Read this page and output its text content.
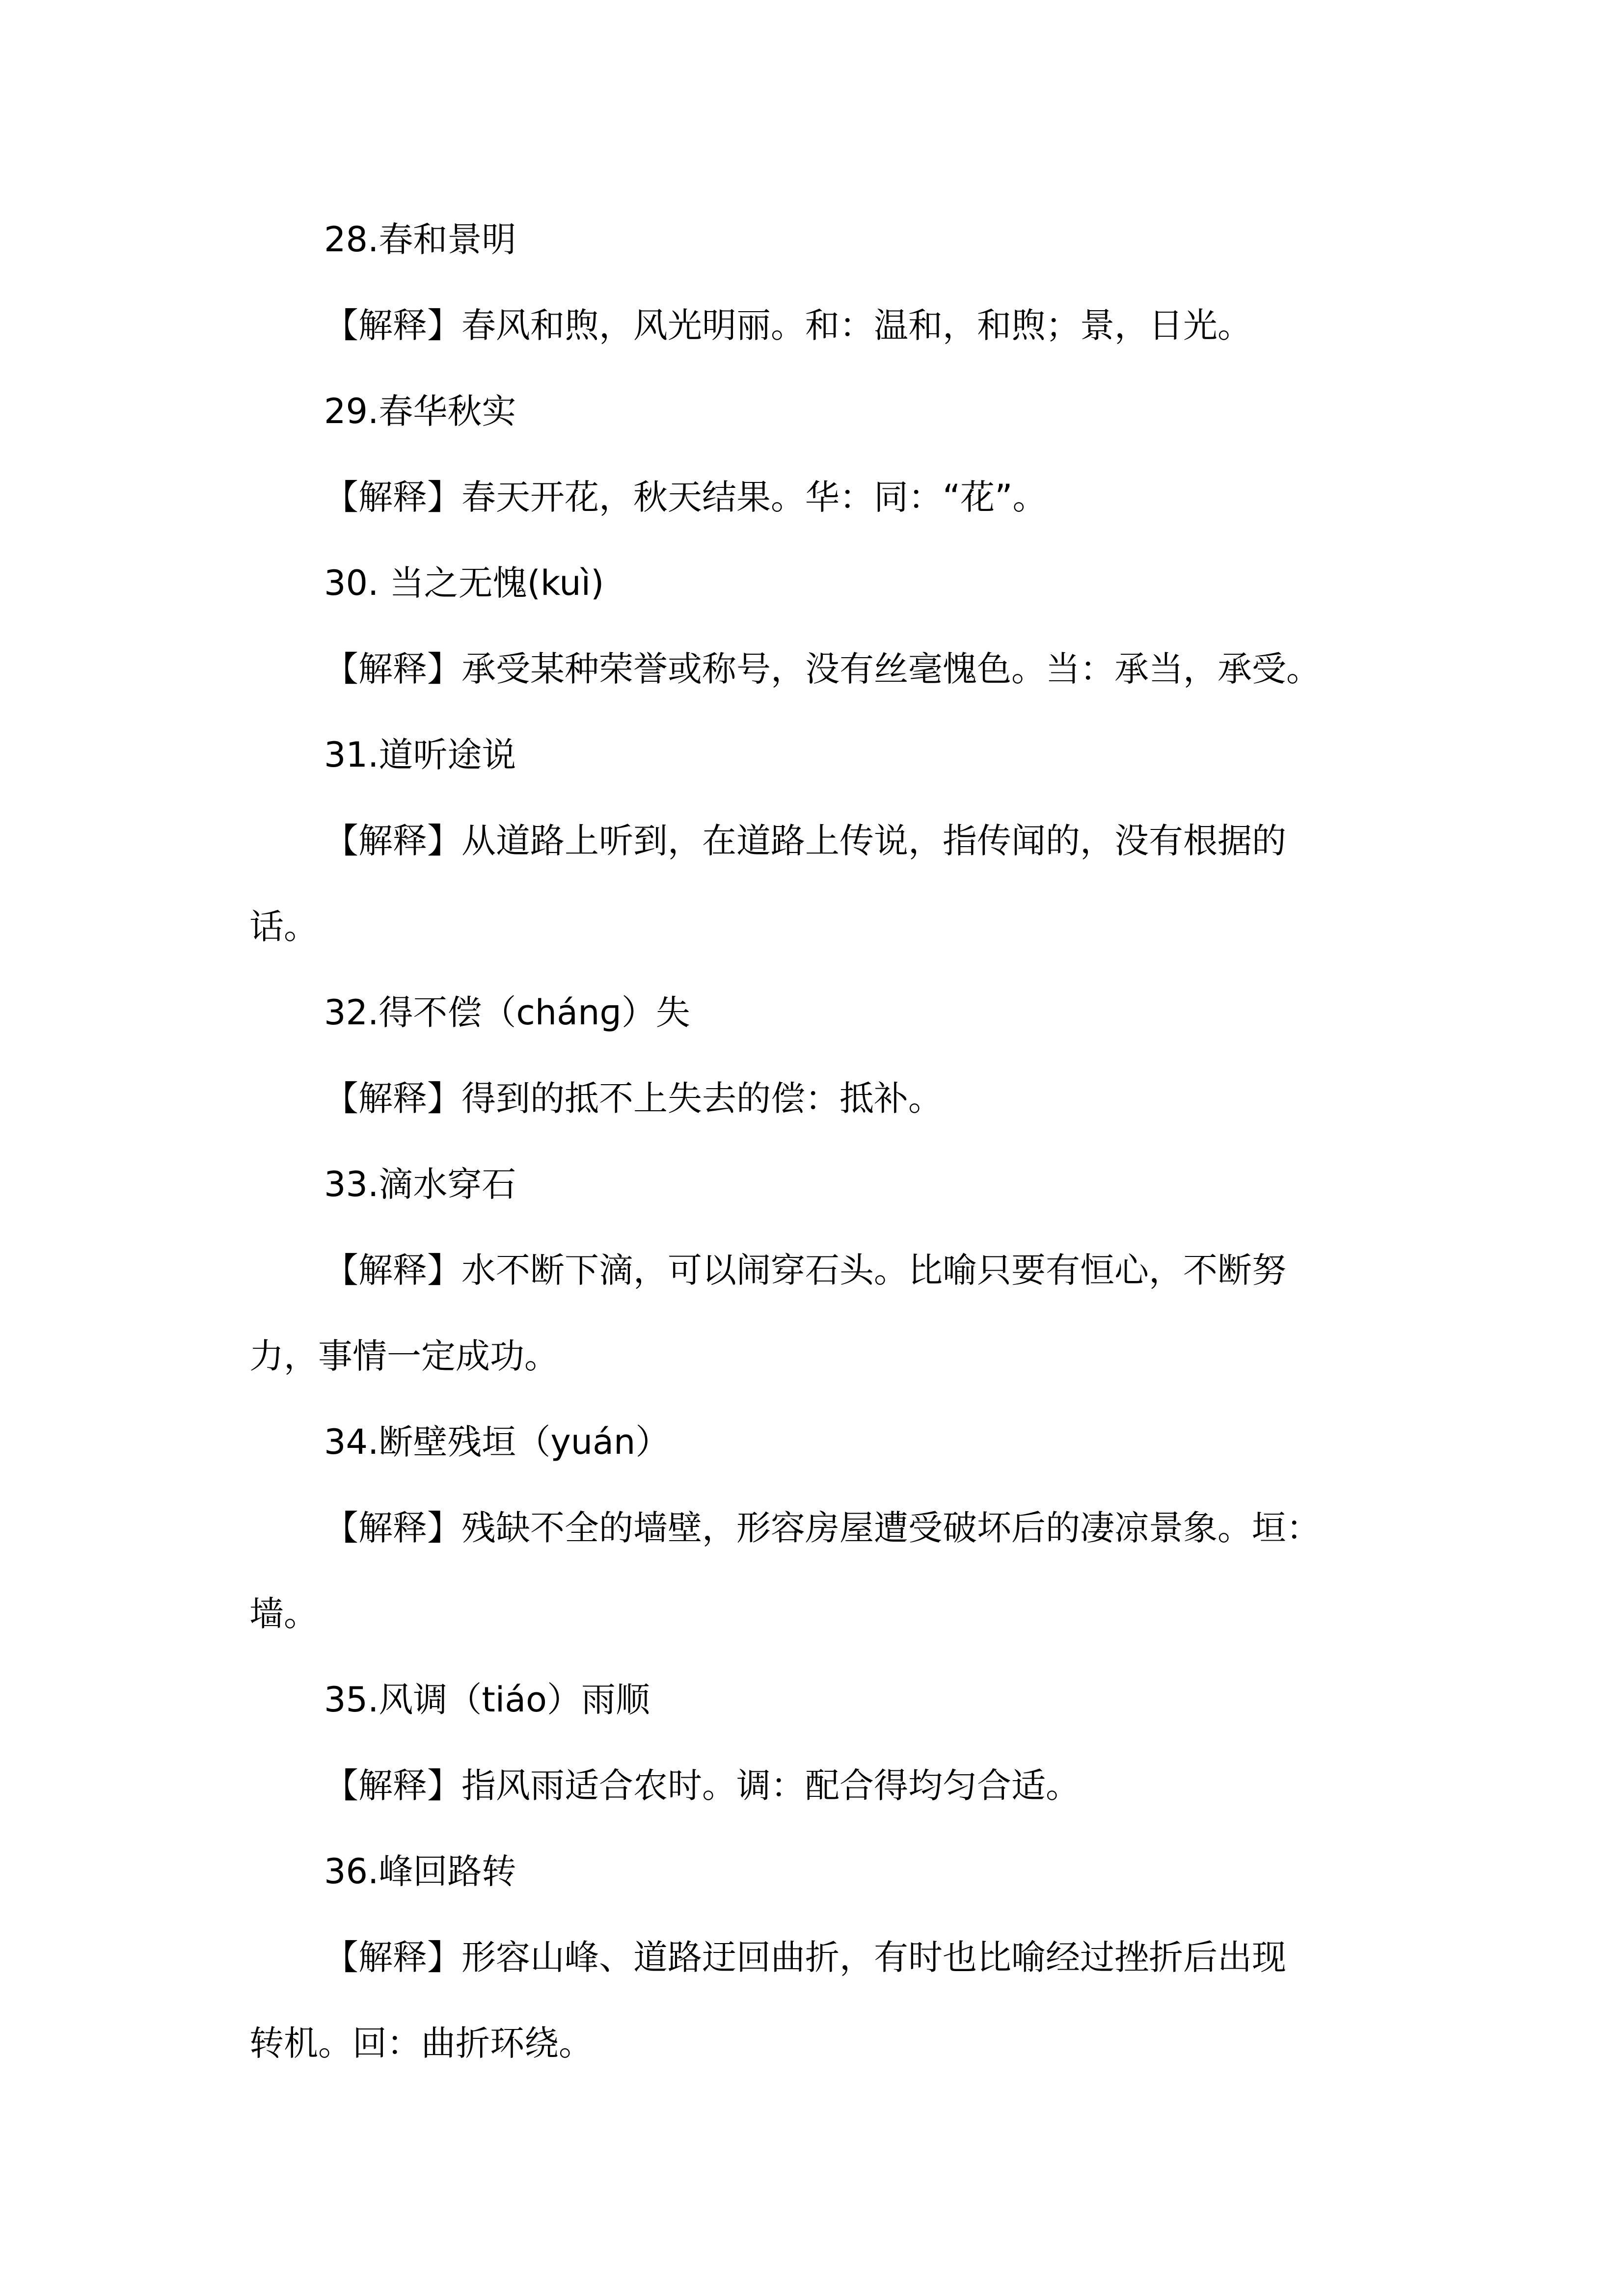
28.春和景明

【解释】春风和煦，风光明丽。和：温和，和煦；景，日光。

29.春华秋实

【解释】春天开花，秋天结果。华：同：“花”。

30. 当之无愧(kuì)

【解释】承受某种荣誉或称号，没有丝毫愧色。当：承当，承受。

31.道听途说

【解释】从道路上听到，在道路上传说，指传闻的，没有根据的

话。

32.得不偿（chánɡ）失

【解释】得到的抵不上失去的偿：抵补。

33.滴水穿石

【解释】水不断下滴，可以闹穿石头。比喻只要有恒心，不断努

力，事情一定成功。

34.断壁残垣（yuán）

【解释】残缺不全的墙壁，形容房屋遭受破坏后的凄凉景象。垣：

墙。

35.风调（tiáo）雨顺

【解释】指风雨适合农时。调：配合得均匀合适。

36.峰回路转

【解释】形容山峰、道路迂回曲折，有时也比喻经过挫折后出现

转机。回：曲折环绕。
